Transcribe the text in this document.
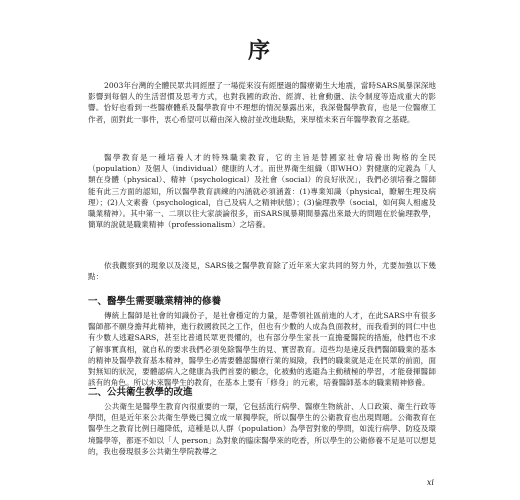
序

2003年台灣的全體民眾共同經歷了一場從來沒有經歷過的醫療衛生大地震，當時SARS風暴深深地影響到每個人的生活習慣及思考方式，也對我國的政治、經濟、社會動盪、法令制度等造成重大的影響。恰好也看到一些醫療體系及醫學教育中不理想的情況暴露出來，我深覺醫學教育，也是一位醫療工作者，面對此一事件，衷心希望可以藉由深入檢討並改進缺點，來厚植未來百年醫學教育之基礎。

醫學教育是一種培養人才的特殊職業教育，它的主旨是替國家社會培養出夠格的全民（population）及個人（individual）健康的人才。而世界衛生組織（即WHO）對健康的定義為「人類在身體（physical）、精神（psychological）及社會（social）的良好狀況」，我們必須培養之醫師能有此三方面的認知，所以醫學教育訓練的內涵就必須涵蓋：(1)專業知識（physical，瞭解生理及病理）；(2)人文素養（psychological，自己及病人之精神狀態）；(3)倫理教學（social，如何與人相處及職業精神）。其中第一、二項以往大家談論很多，而SARS風暴期間暴露出來最大的問題在於倫理教學，簡單的說就是職業精神（professionalism）之培養。

依我觀察到的現象以及淺見，SARS後之醫學教育除了近年來大家共同的努力外，尤要加強以下幾點：

一、醫學生需要職業精神的修養

傳統上醫師是社會的知識份子，是社會穩定的力量，是帶領社區前進的人才，在此SARS中有很多醫師都不願身擔拜此精神，進行救國救民之工作，但也有少數的人成為負面教材，而我看到的同仁中也有少數人逃避SARS，甚至比普通民眾更畏懼的，也有部分學生家長一直擔憂醫院的措施，他們也不求了解事實真相，就自私的要求我們必須免除醫學生的見、實習教育。這些均是違反我們醫師職業的基本的精神及醫學教育基本精神，醫學生必需要體認醫療行業的風險，我們的職業就是走在民眾的前面，面對無知的狀況，要體認病人之健康為我們首要的顧念，化被動的逃避為主動積極的學習，才能發揮醫師該有的角色。所以未來醫學生的教育，在基本上要有「修身」的元素，培養醫師基本的職業精神修養。

二、公共衛生教學的改進

公共衛生是醫學生教育內很重要的一環，它包括流行病學、醫療生物統計、人口政策、衛生行政等學問，但是近年來公共衛生學幾已獨立成一單獨學院，所以醫學生的公衛教育也出現問題。公衛教育在醫學生之教育比例日趨降低，這種是以人群（population）為學習對象的學問，如流行病學、防疫及環境醫學等，都逐不如以「人 person」為對象的臨床醫學來的吃香，所以學生的公衛修養不足是可以想見的，我也發現很多公共衛生學院教導之

xi
